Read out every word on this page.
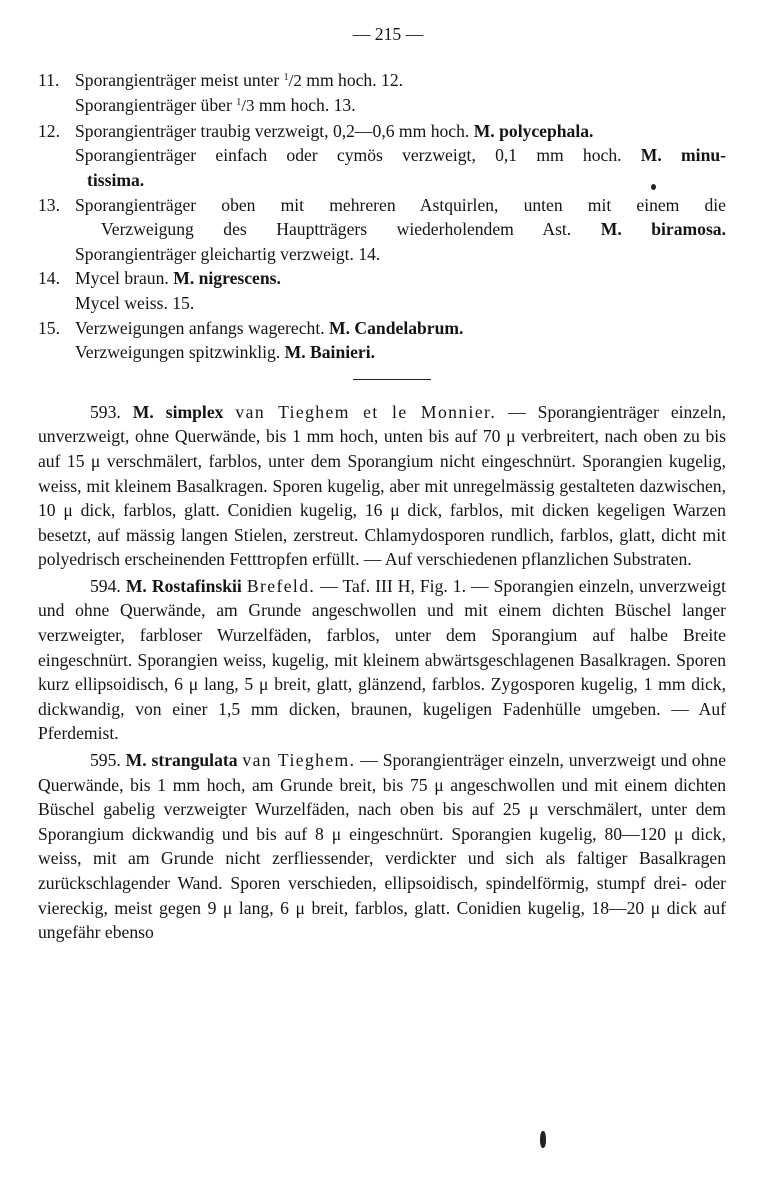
— 215 —
11. Sporangienträger meist unter $^1$/2 mm hoch. 12.
Sporangienträger über $^1$/3 mm hoch. 13.
12. Sporangienträger traubig verzweigt, 0,2—0,6 mm hoch. M. polycephala.
Sporangienträger einfach oder cymös verzweigt, 0,1 mm hoch. M. minu-
tissima.
13. Sporangienträger oben mit mehreren Astquirlen, unten mit einem die
Verzweigung des Hauptträgers wiederholendem Ast. M. biramosa.
Sporangienträger gleichartig verzweigt. 14.
14. Mycel braun. M. nigrescens.
Mycel weiss. 15.
15. Verzweigungen anfangs wagerecht. M. Candelabrum.
Verzweigungen spitzwinklig. M. Bainieri.

593. M. simplex van Tieghem et le Monnier. — Sporangienträger einzeln, unverzweigt, ohne Querwände, bis 1 mm hoch, unten bis auf 70 μ verbreitert, nach oben zu bis auf 15 μ verschmälert, farblos, unter dem Sporangium nicht eingeschnürt. Sporangien kugelig, weiss, mit kleinem Basalkragen. Sporen kugelig, aber mit unregelmässig gestalteten dazwischen, 10 μ dick, farblos, glatt. Conidien kugelig, 16 μ dick, farblos, mit dicken kegeligen Warzen besetzt, auf mässig langen Stielen, zerstreut. Chlamydosporen rundlich, farblos, glatt, dicht mit polyedrisch erscheinenden Fetttropfen erfüllt. — Auf verschiedenen pflanzlichen Substraten.

594. M. Rostafinskii Brefeld. — Taf. III H, Fig. 1. — Sporangien einzeln, unverzweigt und ohne Querwände, am Grunde angeschwollen und mit einem dichten Büschel langer verzweigter, farbloser Wurzelfäden, farblos, unter dem Sporangium auf halbe Breite eingeschnürt. Sporangien weiss, kugelig, mit kleinem abwärtsgeschlagenen Basalkragen. Sporen kurz ellipsoidisch, 6 μ lang, 5 μ breit, glatt, glänzend, farblos. Zygosporen kugelig, 1 mm dick, dickwandig, von einer 1,5 mm dicken, braunen, kugeligen Fadenhülle umgeben. — Auf Pferdemist.

595. M. strangulata van Tieghem. — Sporangienträger einzeln, unverzweigt und ohne Querwände, bis 1 mm hoch, am Grunde breit, bis 75 μ angeschwollen und mit einem dichten Büschel gabelig verzweigter Wurzelfäden, nach oben bis auf 25 μ verschmälert, unter dem Sporangium dickwandig und bis auf 8 μ eingeschnürt. Sporangien kugelig, 80—120 μ dick, weiss, mit am Grunde nicht zerfliessender, verdickter und sich als faltiger Basalkragen zurückschlagender Wand. Sporen verschieden, ellipsoidisch, spindelförmig, stumpf drei- oder viereckig, meist gegen 9 μ lang, 6 μ breit, farblos, glatt. Conidien kugelig, 18—20 μ dick auf ungefähr ebenso
